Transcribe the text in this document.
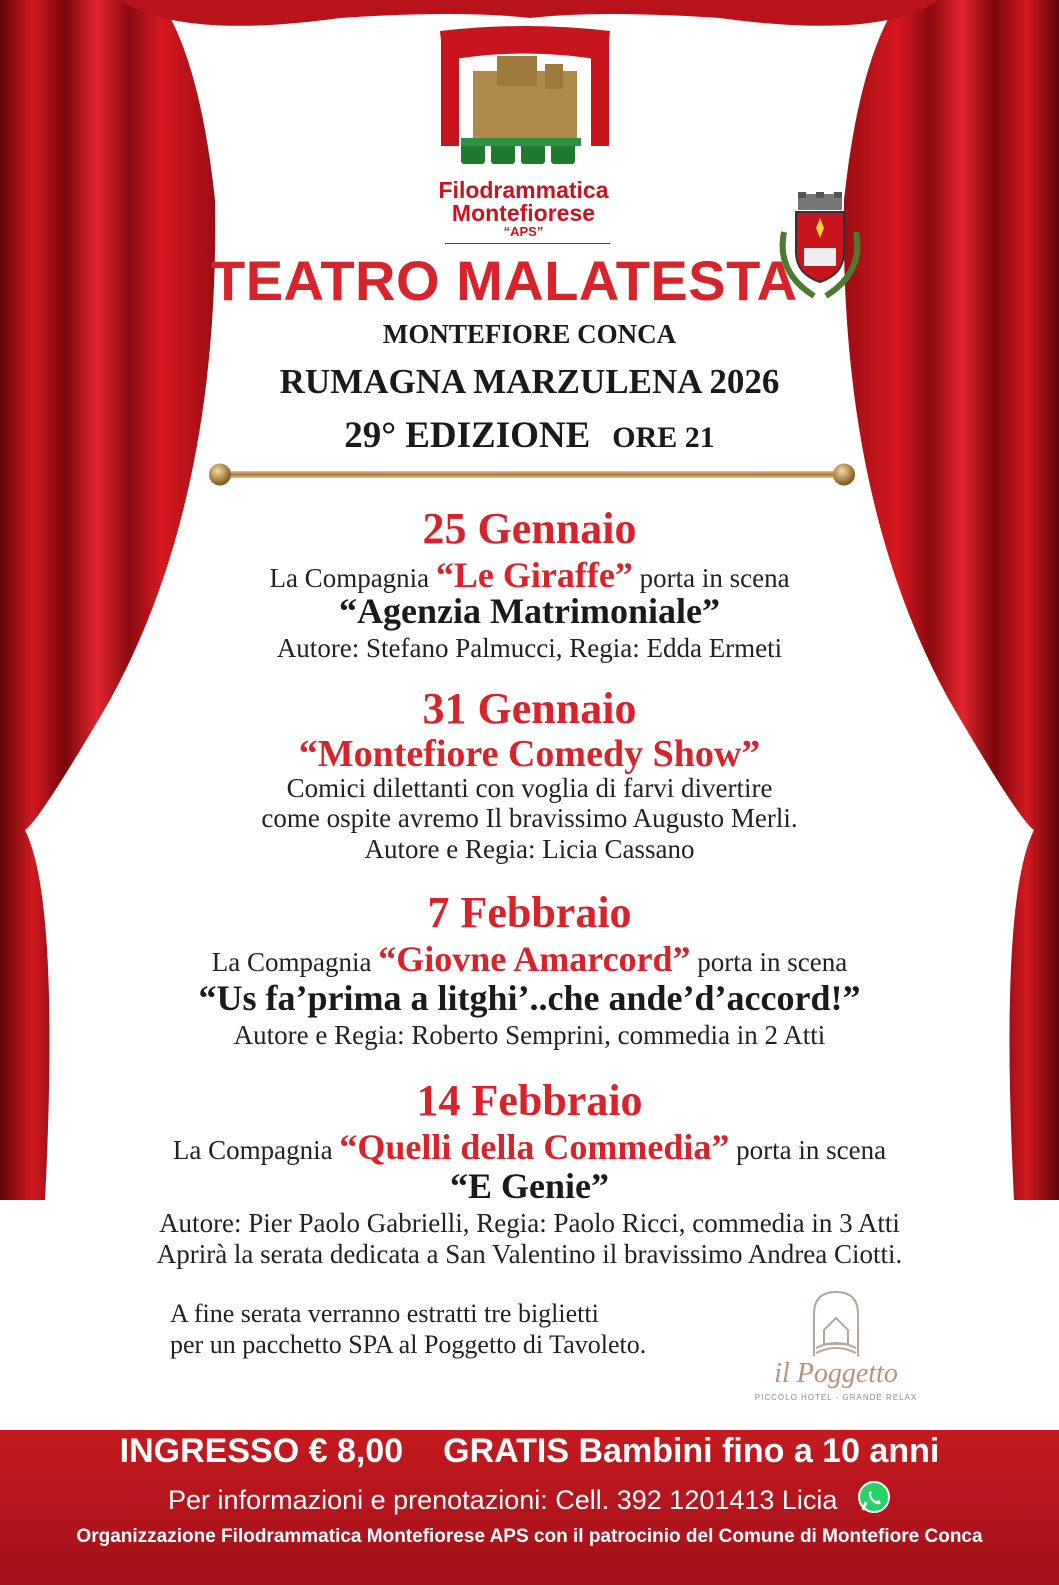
Filodrammatica
Montefiorese
“APS”
TEATRO MALATESTA
MONTEFIORE CONCA
RUMAGNA MARZULENA 2026
29° EDIZIONE ORE 21
25 Gennaio
La Compagnia “Le Giraffe” porta in scena
“Agenzia Matrimoniale”
Autore: Stefano Palmucci, Regia: Edda Ermeti
31 Gennaio
“Montefiore Comedy Show”
Comici dilettanti con voglia di farvi divertire
come ospite avremo Il bravissimo Augusto Merli.
Autore e Regia: Licia Cassano
7 Febbraio
La Compagnia “Giovne Amarcord” porta in scena
“Us fa’prima a litghi’..che ande’d’accord!”
Autore e Regia: Roberto Semprini, commedia in 2 Atti
14 Febbraio
La Compagnia “Quelli della Commedia” porta in scena
“E Genie”
Autore: Pier Paolo Gabrielli, Regia: Paolo Ricci, commedia in 3 Atti
Aprirà la serata dedicata a San Valentino il bravissimo Andrea Ciotti.
A fine serata verranno estratti tre biglietti
per un pacchetto SPA al Poggetto di Tavoleto.
il Poggetto
PICCOLO HOTEL · GRANDE RELAX
INGRESSO € 8,00 GRATIS Bambini fino a 10 anni
Per informazioni e prenotazioni: Cell. 392 1201413 Licia
Organizzazione Filodrammatica Montefiorese APS con il patrocinio del Comune di Montefiore Conca
